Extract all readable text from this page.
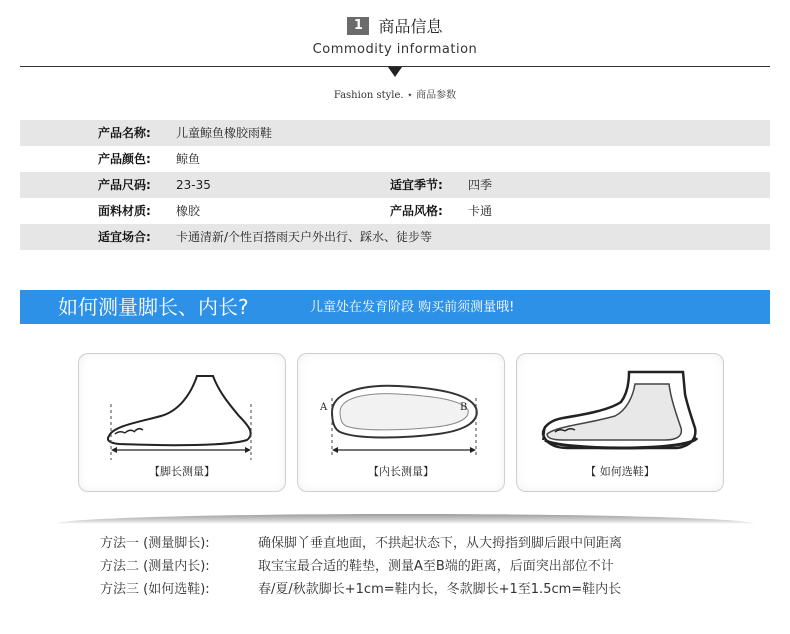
1 商品信息
Commodity information
Fashion style. ⋆ 商品参数
产品名称: 儿童鲸鱼橡胶雨鞋
产品颜色: 鲸鱼
产品尺码: 23-35	适宜季节: 四季
面料材质: 橡胶	产品风格: 卡通
适宜场合: 卡通清新/个性百搭雨天户外出行、踩水、徒步等
如何测量脚长、内长?	儿童处在发育阶段 购买前须测量哦!
【脚长测量】
A	B
【内长测量】	【 如何选鞋】
方法一 (测量脚长):	确保脚丫垂直地面，不拱起状态下，从大拇指到脚后跟中间距离
方法二 (测量内长):	取宝宝最合适的鞋垫，测量A至B端的距离，后面突出部位不计
方法三 (如何选鞋):	春/夏/秋款脚长+1cm=鞋内长，冬款脚长+1至1.5cm=鞋内长
